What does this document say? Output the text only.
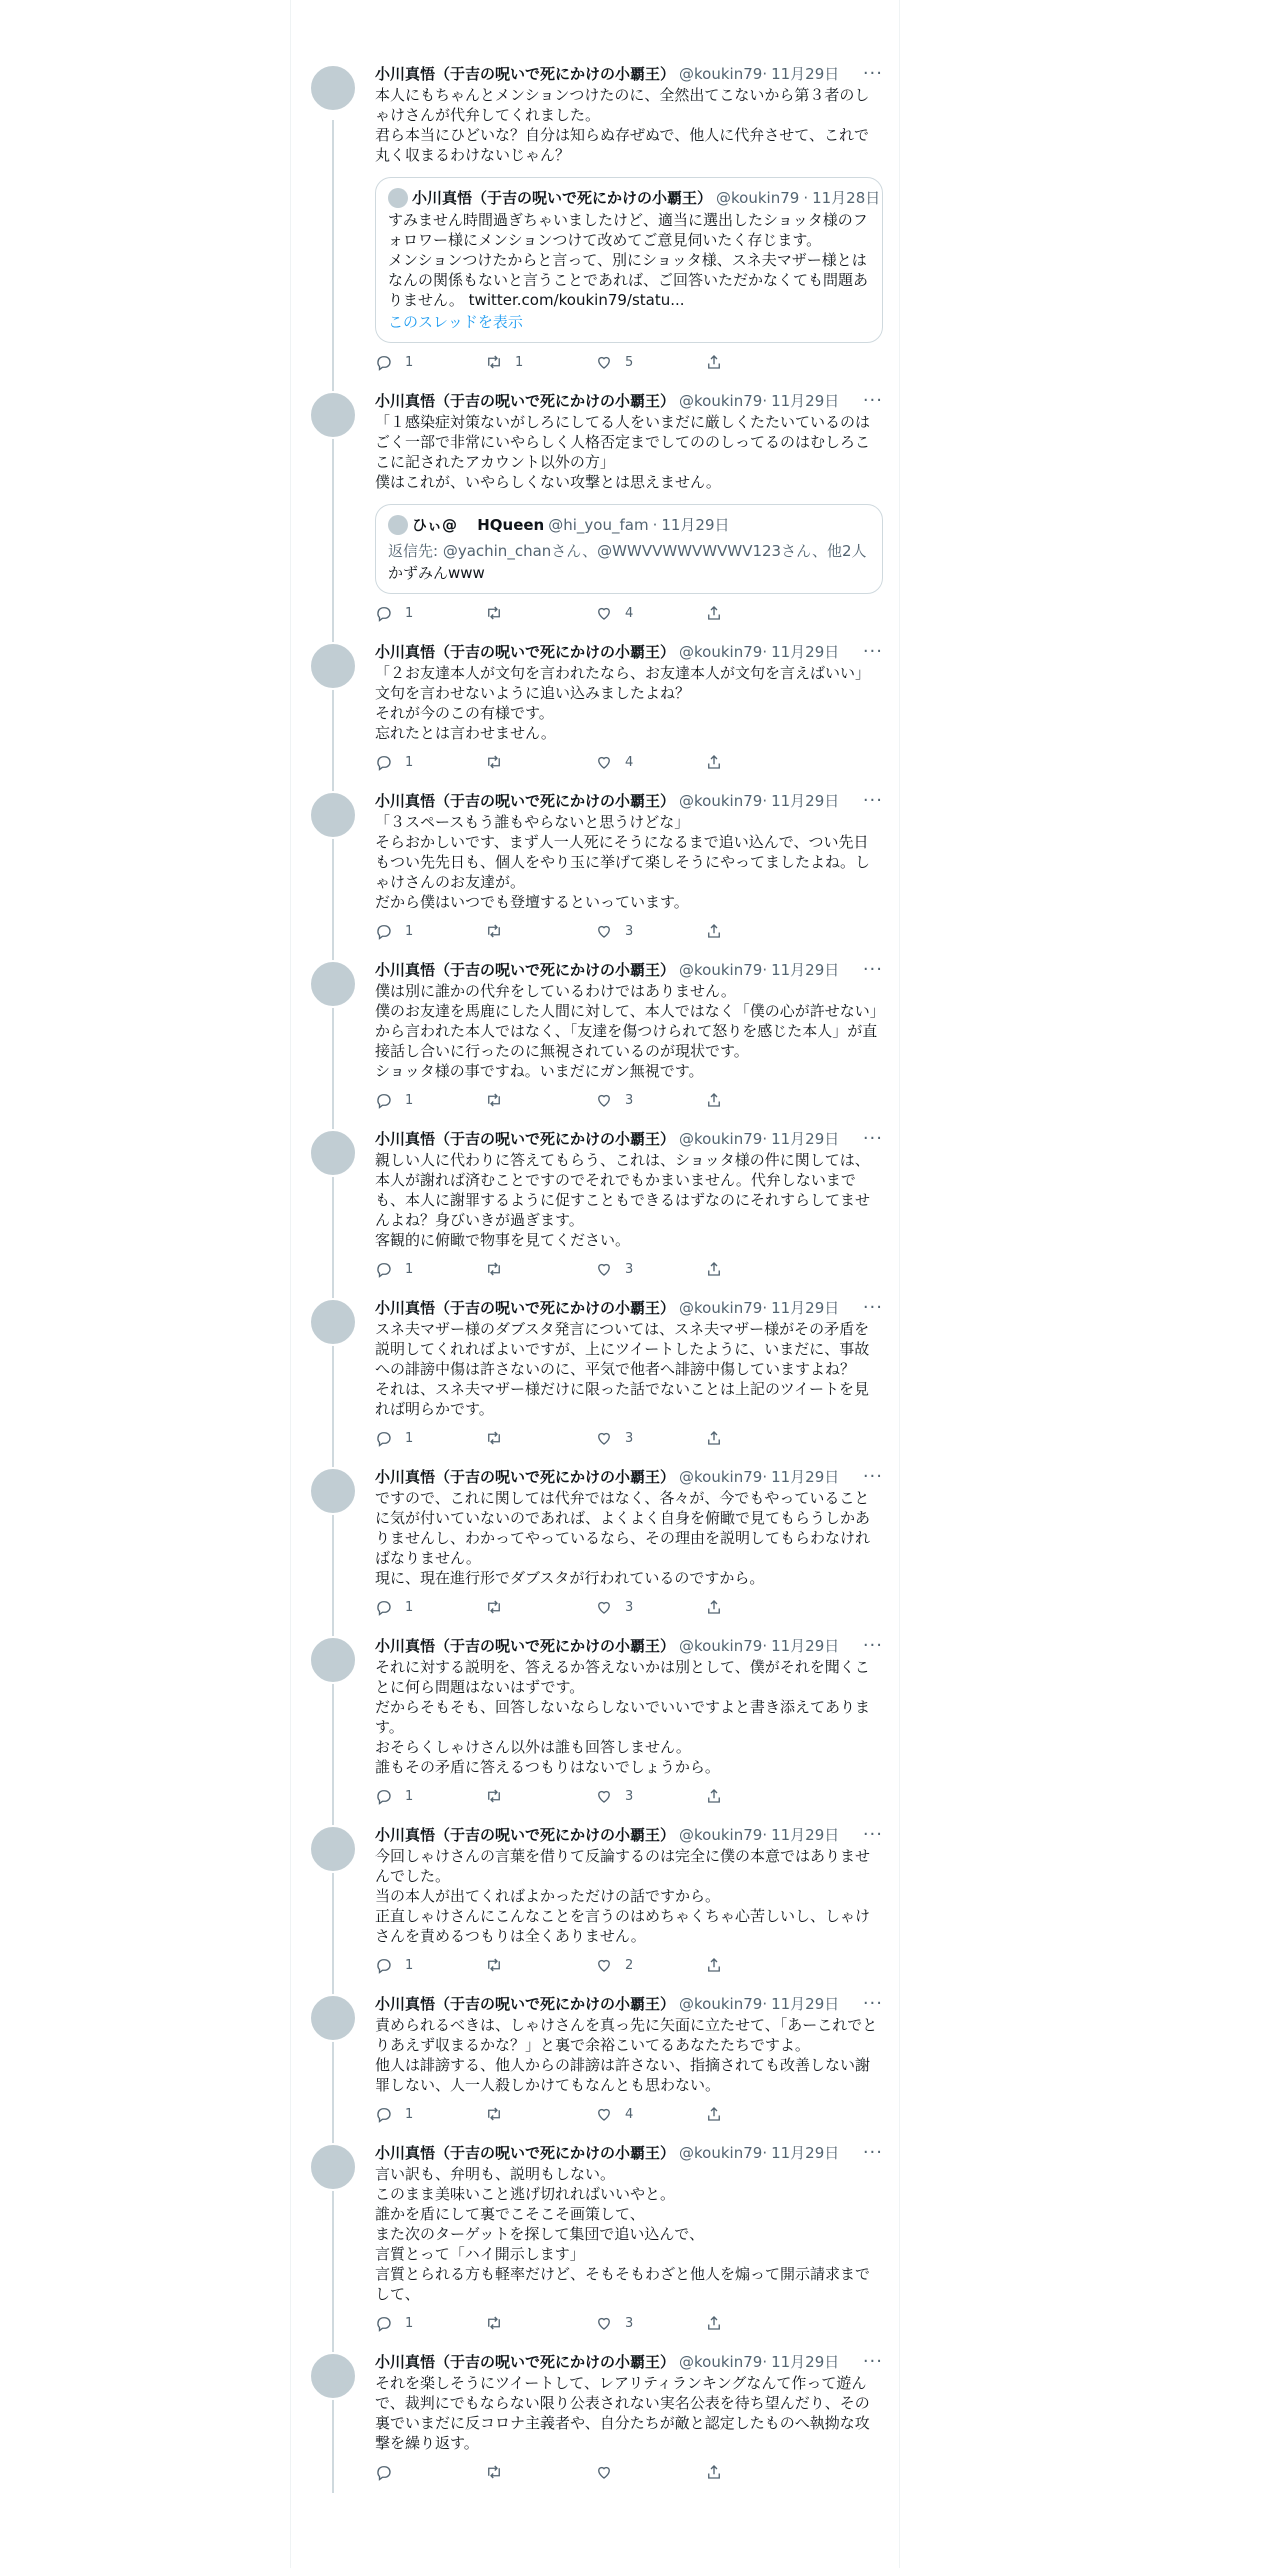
小川真悟（于吉の呪いで死にかけの小覇王） @koukin79 · 11月29日	···
本人にもちゃんとメンションつけたのに、全然出てこないから第３者のしゃけさんが代弁してくれました。
君ら本当にひどいな？自分は知らぬ存ぜぬで、他人に代弁させて、これで丸く収まるわけないじゃん？
小川真悟（于吉の呪いで死にかけの小覇王） @koukin79 · 11月28日
すみません時間過ぎちゃいましたけど、適当に選出したショッタ様のフォロワー様にメンションつけて改めてご意見伺いたく存じます。
メンションつけたからと言って、別にショッタ様、スネ夫マザー様とはなんの関係もないと言うことであれば、ご回答いただかなくても問題ありません。 twitter.com/koukin79/statu...
このスレッドを表示
1	1	5
小川真悟（于吉の呪いで死にかけの小覇王） @koukin79 · 11月29日	···
「１感染症対策ないがしろにしてる人をいまだに厳しくたたいているのはごく一部で非常にいやらしく人格否定までしてののしってるのはむしろここに記されたアカウント以外の方」
僕はこれが、いやらしくない攻撃とは思えません。
ひぃ@　 HQueen @hi_you_fam · 11月29日
返信先: @yachin_chanさん、@WWVVWWVWVWV123さん、他2人
かずみんwww
1	4
小川真悟（于吉の呪いで死にかけの小覇王） @koukin79 · 11月29日	···
「２お友達本人が文句を言われたなら、お友達本人が文句を言えばいい」
文句を言わせないように追い込みましたよね？
それが今のこの有様です。
忘れたとは言わせません。
1	4
小川真悟（于吉の呪いで死にかけの小覇王） @koukin79 · 11月29日	···
「３スペースもう誰もやらないと思うけどな」
そらおかしいです、まず人一人死にそうになるまで追い込んで、つい先日もつい先先日も、個人をやり玉に挙げて楽しそうにやってましたよね。しゃけさんのお友達が。
だから僕はいつでも登壇するといっています。
1	3
小川真悟（于吉の呪いで死にかけの小覇王） @koukin79 · 11月29日	···
僕は別に誰かの代弁をしているわけではありません。
僕のお友達を馬鹿にした人間に対して、本人ではなく「僕の心が許せない」から言われた本人ではなく、「友達を傷つけられて怒りを感じた本人」が直接話し合いに行ったのに無視されているのが現状です。
ショッタ様の事ですね。いまだにガン無視です。
1	3
小川真悟（于吉の呪いで死にかけの小覇王） @koukin79 · 11月29日	···
親しい人に代わりに答えてもらう、これは、ショッタ様の件に関しては、本人が謝れば済むことですのでそれでもかまいません。代弁しないまでも、本人に謝罪するように促すこともできるはずなのにそれすらしてませんよね？身びいきが過ぎます。
客観的に俯瞰で物事を見てください。
1	3
小川真悟（于吉の呪いで死にかけの小覇王） @koukin79 · 11月29日	···
スネ夫マザー様のダブスタ発言については、スネ夫マザー様がその矛盾を説明してくれればよいですが、上にツイートしたように、いまだに、事故への誹謗中傷は許さないのに、平気で他者へ誹謗中傷していますよね？
それは、スネ夫マザー様だけに限った話でないことは上記のツイートを見れば明らかです。
1	3
小川真悟（于吉の呪いで死にかけの小覇王） @koukin79 · 11月29日	···
ですので、これに関しては代弁ではなく、各々が、今でもやっていることに気が付いていないのであれば、よくよく自身を俯瞰で見てもらうしかありませんし、わかってやっているなら、その理由を説明してもらわなければなりません。
現に、現在進行形でダブスタが行われているのですから。
1	3
小川真悟（于吉の呪いで死にかけの小覇王） @koukin79 · 11月29日	···
それに対する説明を、答えるか答えないかは別として、僕がそれを聞くことに何ら問題はないはずです。
だからそもそも、回答しないならしないでいいですよと書き添えてあります。
おそらくしゃけさん以外は誰も回答しません。
誰もその矛盾に答えるつもりはないでしょうから。
1	3
小川真悟（于吉の呪いで死にかけの小覇王） @koukin79 · 11月29日	···
今回しゃけさんの言葉を借りて反論するのは完全に僕の本意ではありませんでした。
当の本人が出てくればよかっただけの話ですから。
正直しゃけさんにこんなことを言うのはめちゃくちゃ心苦しいし、しゃけさんを責めるつもりは全くありません。
1	2
小川真悟（于吉の呪いで死にかけの小覇王） @koukin79 · 11月29日	···
責められるべきは、しゃけさんを真っ先に矢面に立たせて、「あーこれでとりあえず収まるかな？」と裏で余裕こいてるあなたたちですよ。
他人は誹謗する、他人からの誹謗は許さない、指摘されても改善しない謝罪しない、人一人殺しかけてもなんとも思わない。
1	4
小川真悟（于吉の呪いで死にかけの小覇王） @koukin79 · 11月29日	···
言い訳も、弁明も、説明もしない。
このまま美味いこと逃げ切れればいいやと。
誰かを盾にして裏でこそこそ画策して、
また次のターゲットを探して集団で追い込んで、
言質とって「ハイ開示します」
言質とられる方も軽率だけど、そもそもわざと他人を煽って開示請求までして、
1	3
小川真悟（于吉の呪いで死にかけの小覇王） @koukin79 · 11月29日	···
それを楽しそうにツイートして、レアリティランキングなんて作って遊んで、裁判にでもならない限り公表されない実名公表を待ち望んだり、その裏でいまだに反コロナ主義者や、自分たちが敵と認定したものへ執拗な攻撃を繰り返す。
